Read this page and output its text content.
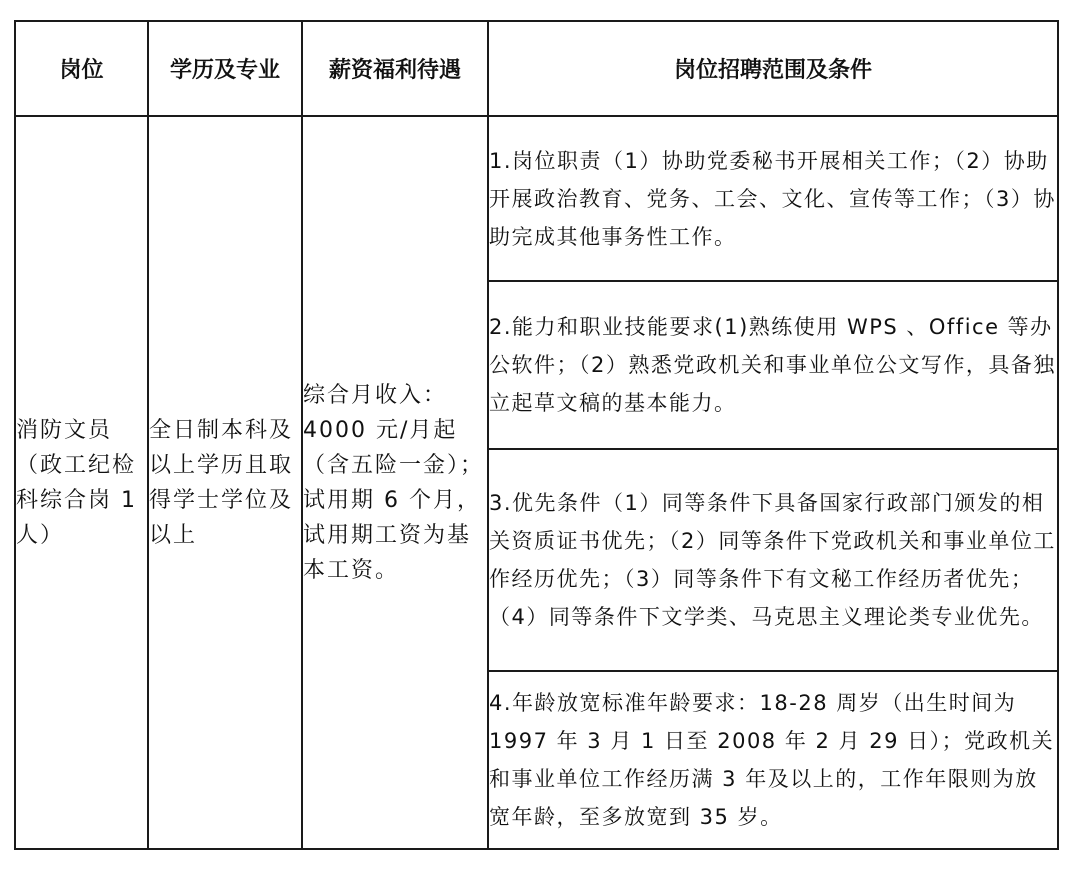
岗位	学历及专业	薪资福利待遇	岗位招聘范围及条件

消防文员（政工纪检科综合岗 1 人）	全日制本科及以上学历且取得学士学位及以上	综合月收入：4000 元/月起（含五险一金）；试用期 6 个月，试用期工资为基本工资。	1.岗位职责（1）协助党委秘书开展相关工作；（2）协助开展政治教育、党务、工会、文化、宣传等工作；（3）协助完成其他事务性工作。

			2.能力和职业技能要求(1)熟练使用 WPS 、Office 等办公软件；（2）熟悉党政机关和事业单位公文写作，具备独立起草文稿的基本能力。

			3.优先条件（1）同等条件下具备国家行政部门颁发的相关资质证书优先；（2）同等条件下党政机关和事业单位工作经历优先；（3）同等条件下有文秘工作经历者优先；（4）同等条件下文学类、马克思主义理论类专业优先。

			4.年龄放宽标准年龄要求：18-28 周岁（出生时间为 1997 年 3 月 1 日至 2008 年 2 月 29 日）；党政机关和事业单位工作经历满 3 年及以上的，工作年限则为放宽年龄，至多放宽到 35 岁。
